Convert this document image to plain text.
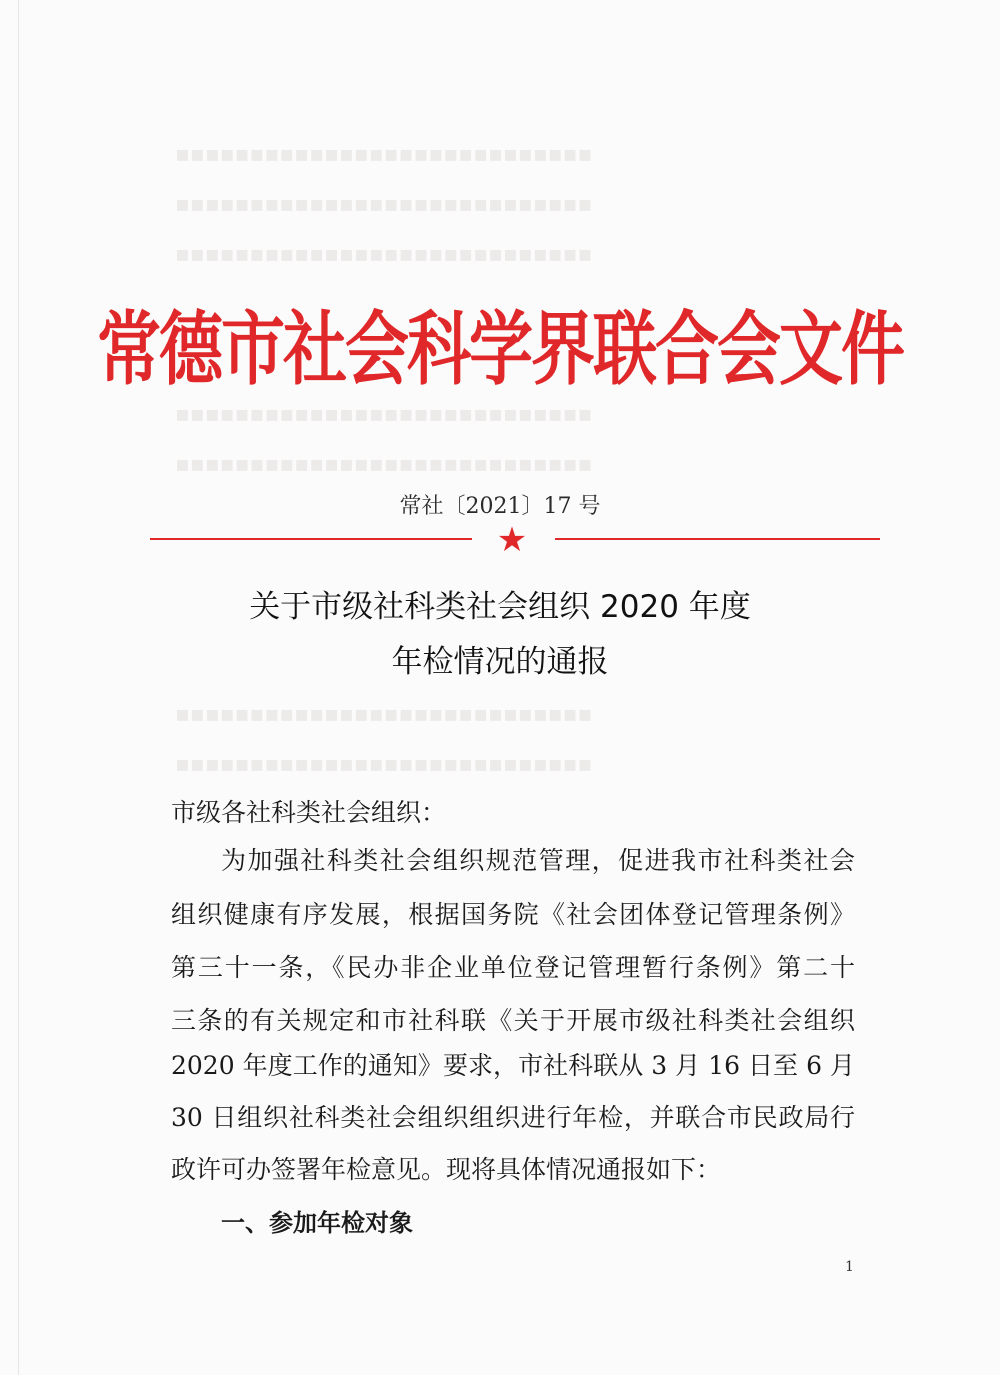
▪▪▪▪▪▪▪▪▪▪▪▪▪▪▪▪▪▪▪▪▪▪▪▪▪▪▪▪
▪▪▪▪▪▪▪▪▪▪▪▪▪▪▪▪▪▪▪▪▪▪▪▪▪▪▪▪
▪▪▪▪▪▪▪▪▪▪▪▪▪▪▪▪▪▪▪▪▪▪▪▪▪▪▪▪
▪▪▪▪▪▪▪▪▪▪▪▪▪▪▪▪▪▪▪▪▪▪▪▪▪▪▪▪
▪▪▪▪▪▪▪▪▪▪▪▪▪▪▪▪▪▪▪▪▪▪▪▪▪▪▪▪
▪▪▪▪▪▪▪▪▪▪▪▪▪▪▪▪▪▪▪▪▪▪▪▪▪▪▪▪
▪▪▪▪▪▪▪▪▪▪▪▪▪▪▪▪▪▪▪▪▪▪▪▪▪▪▪▪
常德市社会科学界联合会文件
常社〔2021〕17 号
★
关于市级社科类社会组织 2020 年度
年检情况的通报
市级各社科类社会组织：
为加强社科类社会组织规范管理，促进我市社科类社会
组织健康有序发展，根据国务院《社会团体登记管理条例》
第三十一条，《民办非企业单位登记管理暂行条例》第二十
三条的有关规定和市社科联《关于开展市级社科类社会组织
2020 年度工作的通知》要求，市社科联从 3 月 16 日至 6 月
30 日组织社科类社会组织组织进行年检，并联合市民政局行
政许可办签署年检意见。现将具体情况通报如下：
一、参加年检对象
1
